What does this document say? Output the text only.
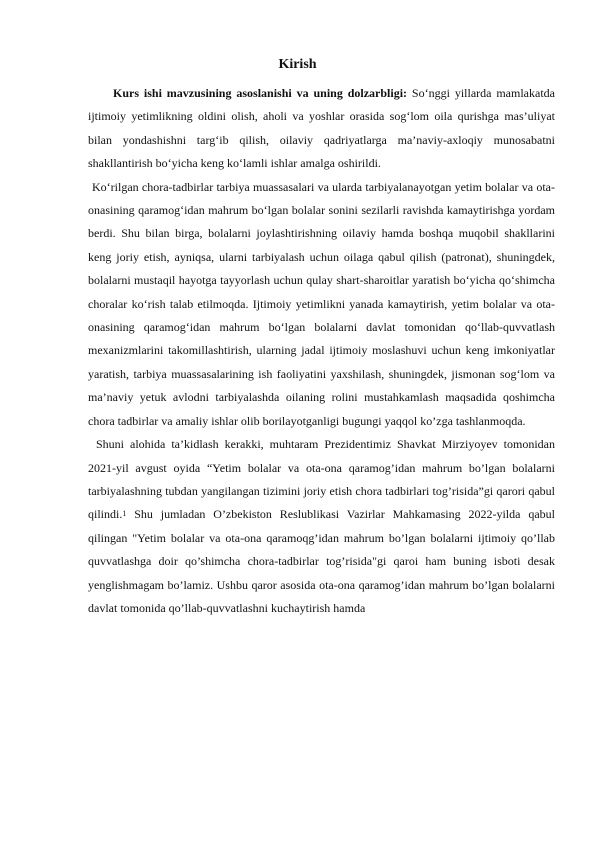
Kirish

Kurs ishi mavzusining asoslanishi va uning dolzarbligi: So‘nggi yillarda mamlakatda ijtimoiy yetimlikning oldini olish, aholi va yoshlar orasida sog‘lom oila qurishga mas’uliyat bilan yondashishni targ‘ib qilish, oilaviy qadriyatlarga ma’naviy-axloqiy munosabatni shakllantirish bo‘yicha keng ko‘lamli ishlar amalga oshirildi.

Ko‘rilgan chora-tadbirlar tarbiya muassasalari va ularda tarbiyalanayotgan yetim bolalar va ota-onasining qaramog‘idan mahrum bo‘lgan bolalar sonini sezilarli ravishda kamaytirishga yordam berdi. Shu bilan birga, bolalarni joylashtirishning oilaviy hamda boshqa muqobil shakllarini keng joriy etish, ayniqsa, ularni tarbiyalash uchun oilaga qabul qilish (patronat), shuningdek, bolalarni mustaqil hayotga tayyorlash uchun qulay shart-sharoitlar yaratish bo‘yicha qo‘shimcha choralar ko‘rish talab etilmoqda. Ijtimoiy yetimlikni yanada kamaytirish, yetim bolalar va ota-onasining qaramog‘idan mahrum bo‘lgan bolalarni davlat tomonidan qo‘llab-quvvatlash mexanizmlarini takomillashtirish, ularning jadal ijtimoiy moslashuvi uchun keng imkoniyatlar yaratish, tarbiya muassasalarining ish faoliyatini yaxshilash, shuningdek, jismonan sog‘lom va ma’naviy yetuk avlodni tarbiyalashda oilaning rolini mustahkamlash maqsadida qoshimcha chora tadbirlar va amaliy ishlar olib borilayotganligi bugungi yaqqol ko’zga tashlanmoqda.

Shuni alohida ta’kidlash kerakki, muhtaram Prezidentimiz Shavkat Mirziyoyev tomonidan 2021-yil avgust oyida “Yetim bolalar va ota-ona qaramog’idan mahrum bo’lgan bolalarni tarbiyalashning tubdan yangilangan tizimini joriy etish chora tadbirlari tog’risida”gi qarori qabul qilindi.$^1$ Shu jumladan O’zbekiston Reslublikasi Vazirlar Mahkamasing 2022-yilda qabul qilingan "Yetim bolalar va ota-ona qaramoqg’idan mahrum bo’lgan bolalarni ijtimoiy qo’llab quvvatlashga doir qo’shimcha chora-tadbirlar tog’risida"gi qaroi ham buning isboti desak yenglishmagam bo’lamiz. Ushbu qaror asosida ota-ona qaramog’idan mahrum bo’lgan bolalarni davlat tomonida qo’llab-quvvatlashni kuchaytirish hamda
